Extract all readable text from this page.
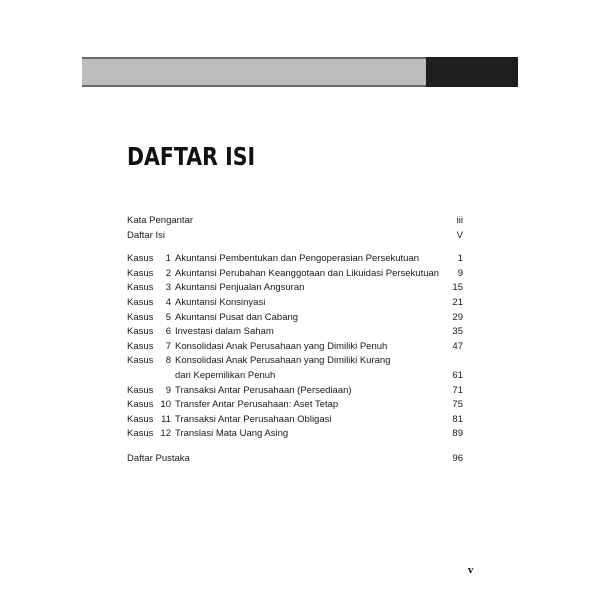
DAFTAR ISI
Kata Pengantar	iii
Daftar Isi	V
Kasus 1 Akuntansi Pembentukan dan Pengoperasian Persekutuan	1
Kasus 2 Akuntansi Perubahan Keanggotaan dan Likuidasi Persekutuan 9
Kasus 3 Akuntansi Penjualan Angsuran	15
Kasus 4 Akuntansi Konsinyasi	21
Kasus 5 Akuntansi Pusat dan Cabang	29
Kasus 6 Investasi dalam Saham	35
Kasus 7 Konsolidasi Anak Perusahaan yang Dimiliki Penuh	47
Kasus 8 Konsolidasi Anak Perusahaan yang Dimiliki Kurang
dari Kepemilikan Penuh	61
Kasus 9 Transaksi Antar Perusahaan (Persediaan)	71
Kasus 10 Transfer Antar Perusahaan: Aset Tetap	75
Kasus 11 Transaksi Antar Perusahaan Obligasi	81
Kasus 12 Translasi Mata Uang Asing	89
Daftar Pustaka	96
v
